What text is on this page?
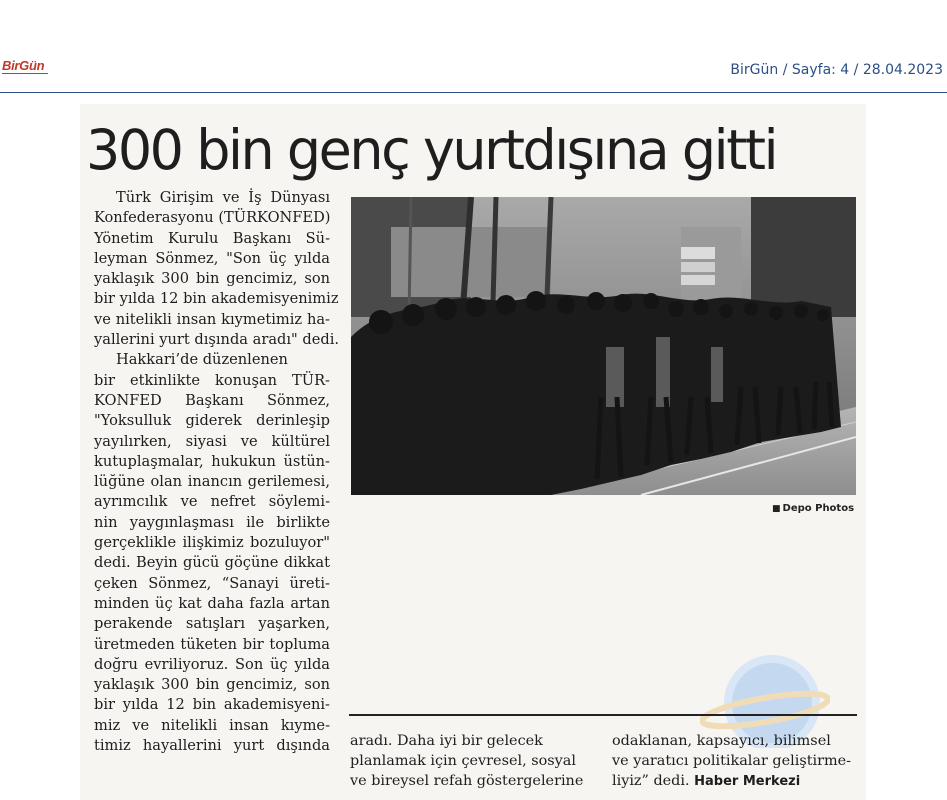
BirGün	BirGün / Sayfa: 4 / 28.04.2023
300 bin genç yurtdışına gitti
Türk Girişim ve İş Dünyası
Konfederasyonu (TÜRKONFED)
Yönetim Kurulu Başkanı Sü-
leyman Sönmez, "Son üç yılda
yaklaşık 300 bin gencimiz, son
bir yılda 12 bin akademisyenimiz
ve nitelikli insan kıymetimiz ha-
yallerini yurt dışında aradı" dedi.
Hakkari’de düzenlenen
bir etkinlikte konuşan TÜR-
KONFED Başkanı Sönmez,
"Yoksulluk giderek derinleşip
yayılırken, siyasi ve kültürel
kutuplaşmalar, hukukun üstün-
lüğüne olan inancın gerilemesi,
ayrımcılık ve nefret söylemi-
nin yaygınlaşması ile birlikte
gerçeklikle ilişkimiz bozuluyor"
dedi. Beyin gücü göçüne dikkat
çeken Sönmez, “Sanayi üreti-
minden üç kat daha fazla artan
perakende satışları yaşarken,
üretmeden tüketen bir topluma
doğru evriliyoruz. Son üç yılda
yaklaşık 300 bin gencimiz, son
bir yılda 12 bin akademisyeni-
miz ve nitelikli insan kıyme-
timiz hayallerini yurt dışında
■ Depo Photos
aradı. Daha iyi bir gelecek
planlamak için çevresel, sosyal
ve bireysel refah göstergelerine
odaklanan, kapsayıcı, bilimsel
ve yaratıcı politikalar geliştirme-
liyiz” dedi. Haber Merkezi
